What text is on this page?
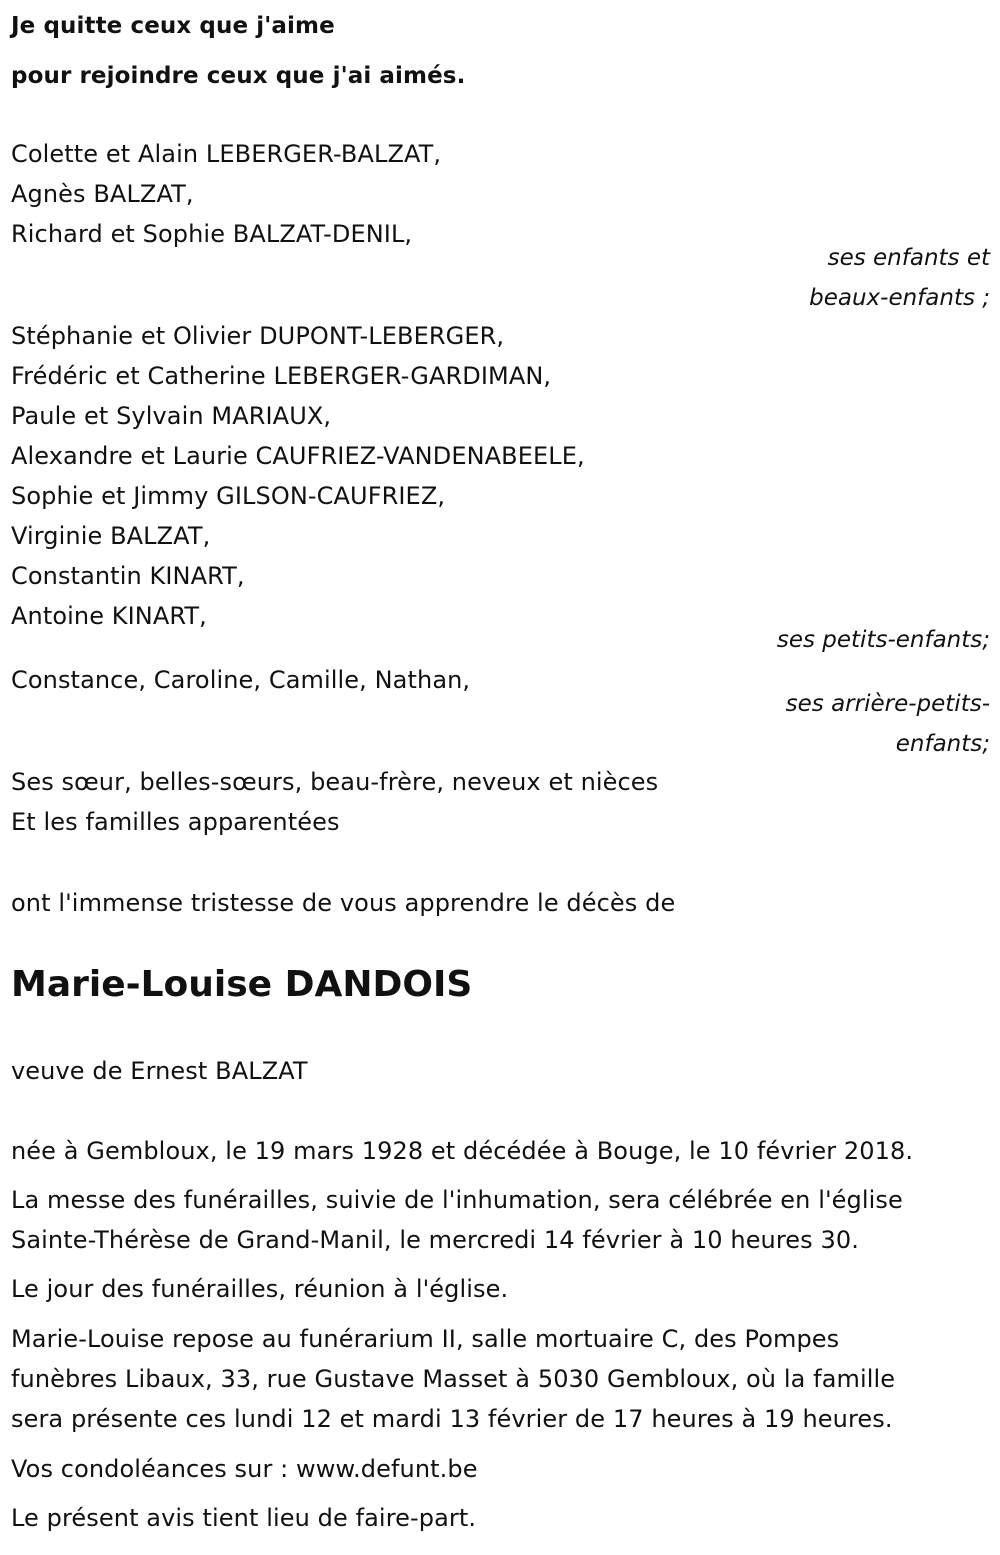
Je quitte ceux que j'aime
pour rejoindre ceux que j'ai aimés.
Colette et Alain LEBERGER-BALZAT,
Agnès BALZAT,
Richard et Sophie BALZAT-DENIL,
ses enfants et
beaux-enfants ;
Stéphanie et Olivier DUPONT-LEBERGER,
Frédéric et Catherine LEBERGER-GARDIMAN,
Paule et Sylvain MARIAUX,
Alexandre et Laurie CAUFRIEZ-VANDENABEELE,
Sophie et Jimmy GILSON-CAUFRIEZ,
Virginie BALZAT,
Constantin KINART,
Antoine KINART,
ses petits-enfants;
Constance, Caroline, Camille, Nathan,
ses arrière-petits-
enfants;
Ses sœur, belles-sœurs, beau-frère, neveux et nièces
Et les familles apparentées
ont l'immense tristesse de vous apprendre le décès de
Marie-Louise DANDOIS
veuve de Ernest BALZAT
née à Gembloux, le 19 mars 1928 et décédée à Bouge, le 10 février 2018.
La messe des funérailles, suivie de l'inhumation, sera célébrée en l'église
Sainte-Thérèse de Grand-Manil, le mercredi 14 février à 10 heures 30.
Le jour des funérailles, réunion à l'église.
Marie-Louise repose au funérarium II, salle mortuaire C, des Pompes
funèbres Libaux, 33, rue Gustave Masset à 5030 Gembloux, où la famille
sera présente ces lundi 12 et mardi 13 février de 17 heures à 19 heures.
Vos condoléances sur : www.defunt.be
Le présent avis tient lieu de faire-part.
